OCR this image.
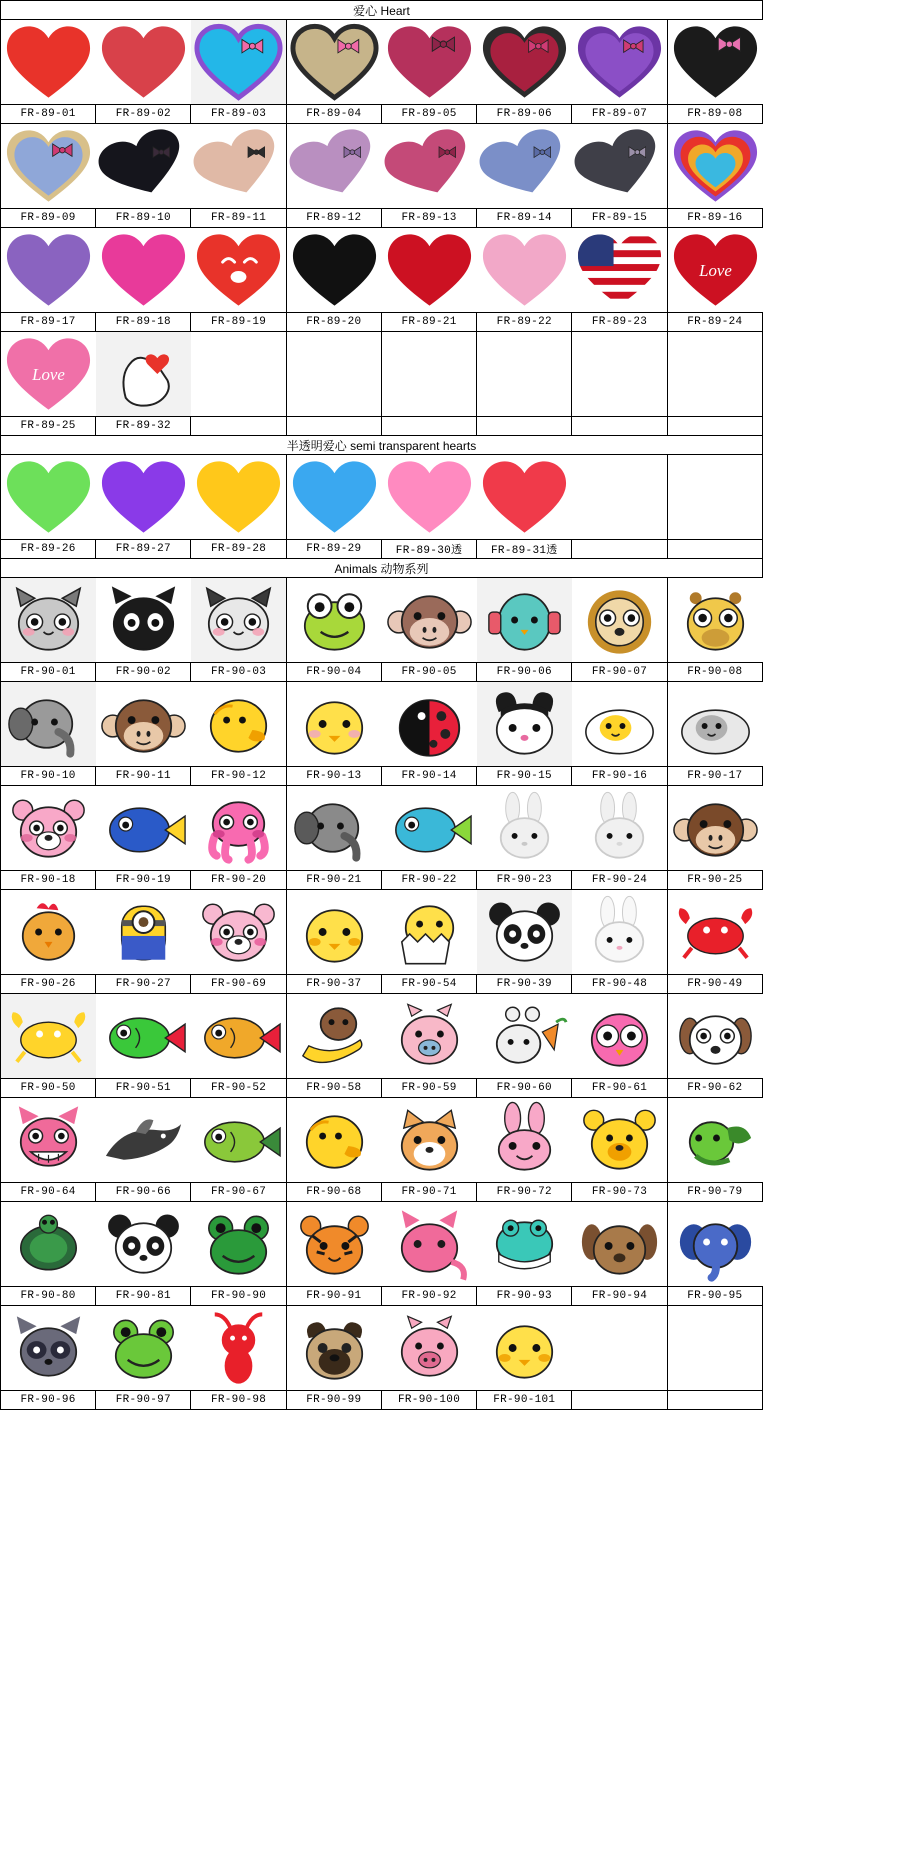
爱心 Heart							

FR-89-01	FR-89-02	FR-89-03	FR-89-04	FR-89-05	FR-89-06	FR-89-07	FR-89-08

FR-89-09	FR-89-10	FR-89-11	FR-89-12	FR-89-13	FR-89-14	FR-89-15	FR-89-16

Love

FR-89-17	FR-89-18	FR-89-19	FR-89-20	FR-89-21	FR-89-22	FR-89-23	FR-89-24

Love

FR-89-25	FR-89-32						
半透明爱心 semi transparent hearts							

FR-89-26	FR-89-27	FR-89-28	FR-89-29	FR-89-30透	FR-89-31透		
Animals 动物系列							

FR-90-01	FR-90-02	FR-90-03	FR-90-04	FR-90-05	FR-90-06	FR-90-07	FR-90-08

FR-90-10	FR-90-11	FR-90-12	FR-90-13	FR-90-14	FR-90-15	FR-90-16	FR-90-17

FR-90-18	FR-90-19	FR-90-20	FR-90-21	FR-90-22	FR-90-23	FR-90-24	FR-90-25

FR-90-26	FR-90-27	FR-90-69	FR-90-37	FR-90-54	FR-90-39	FR-90-48	FR-90-49

FR-90-50	FR-90-51	FR-90-52	FR-90-58	FR-90-59	FR-90-60	FR-90-61	FR-90-62

FR-90-64	FR-90-66	FR-90-67	FR-90-68	FR-90-71	FR-90-72	FR-90-73	FR-90-79

FR-90-80	FR-90-81	FR-90-90	FR-90-91	FR-90-92	FR-90-93	FR-90-94	FR-90-95

FR-90-96	FR-90-97	FR-90-98	FR-90-99	FR-90-100	FR-90-101		
